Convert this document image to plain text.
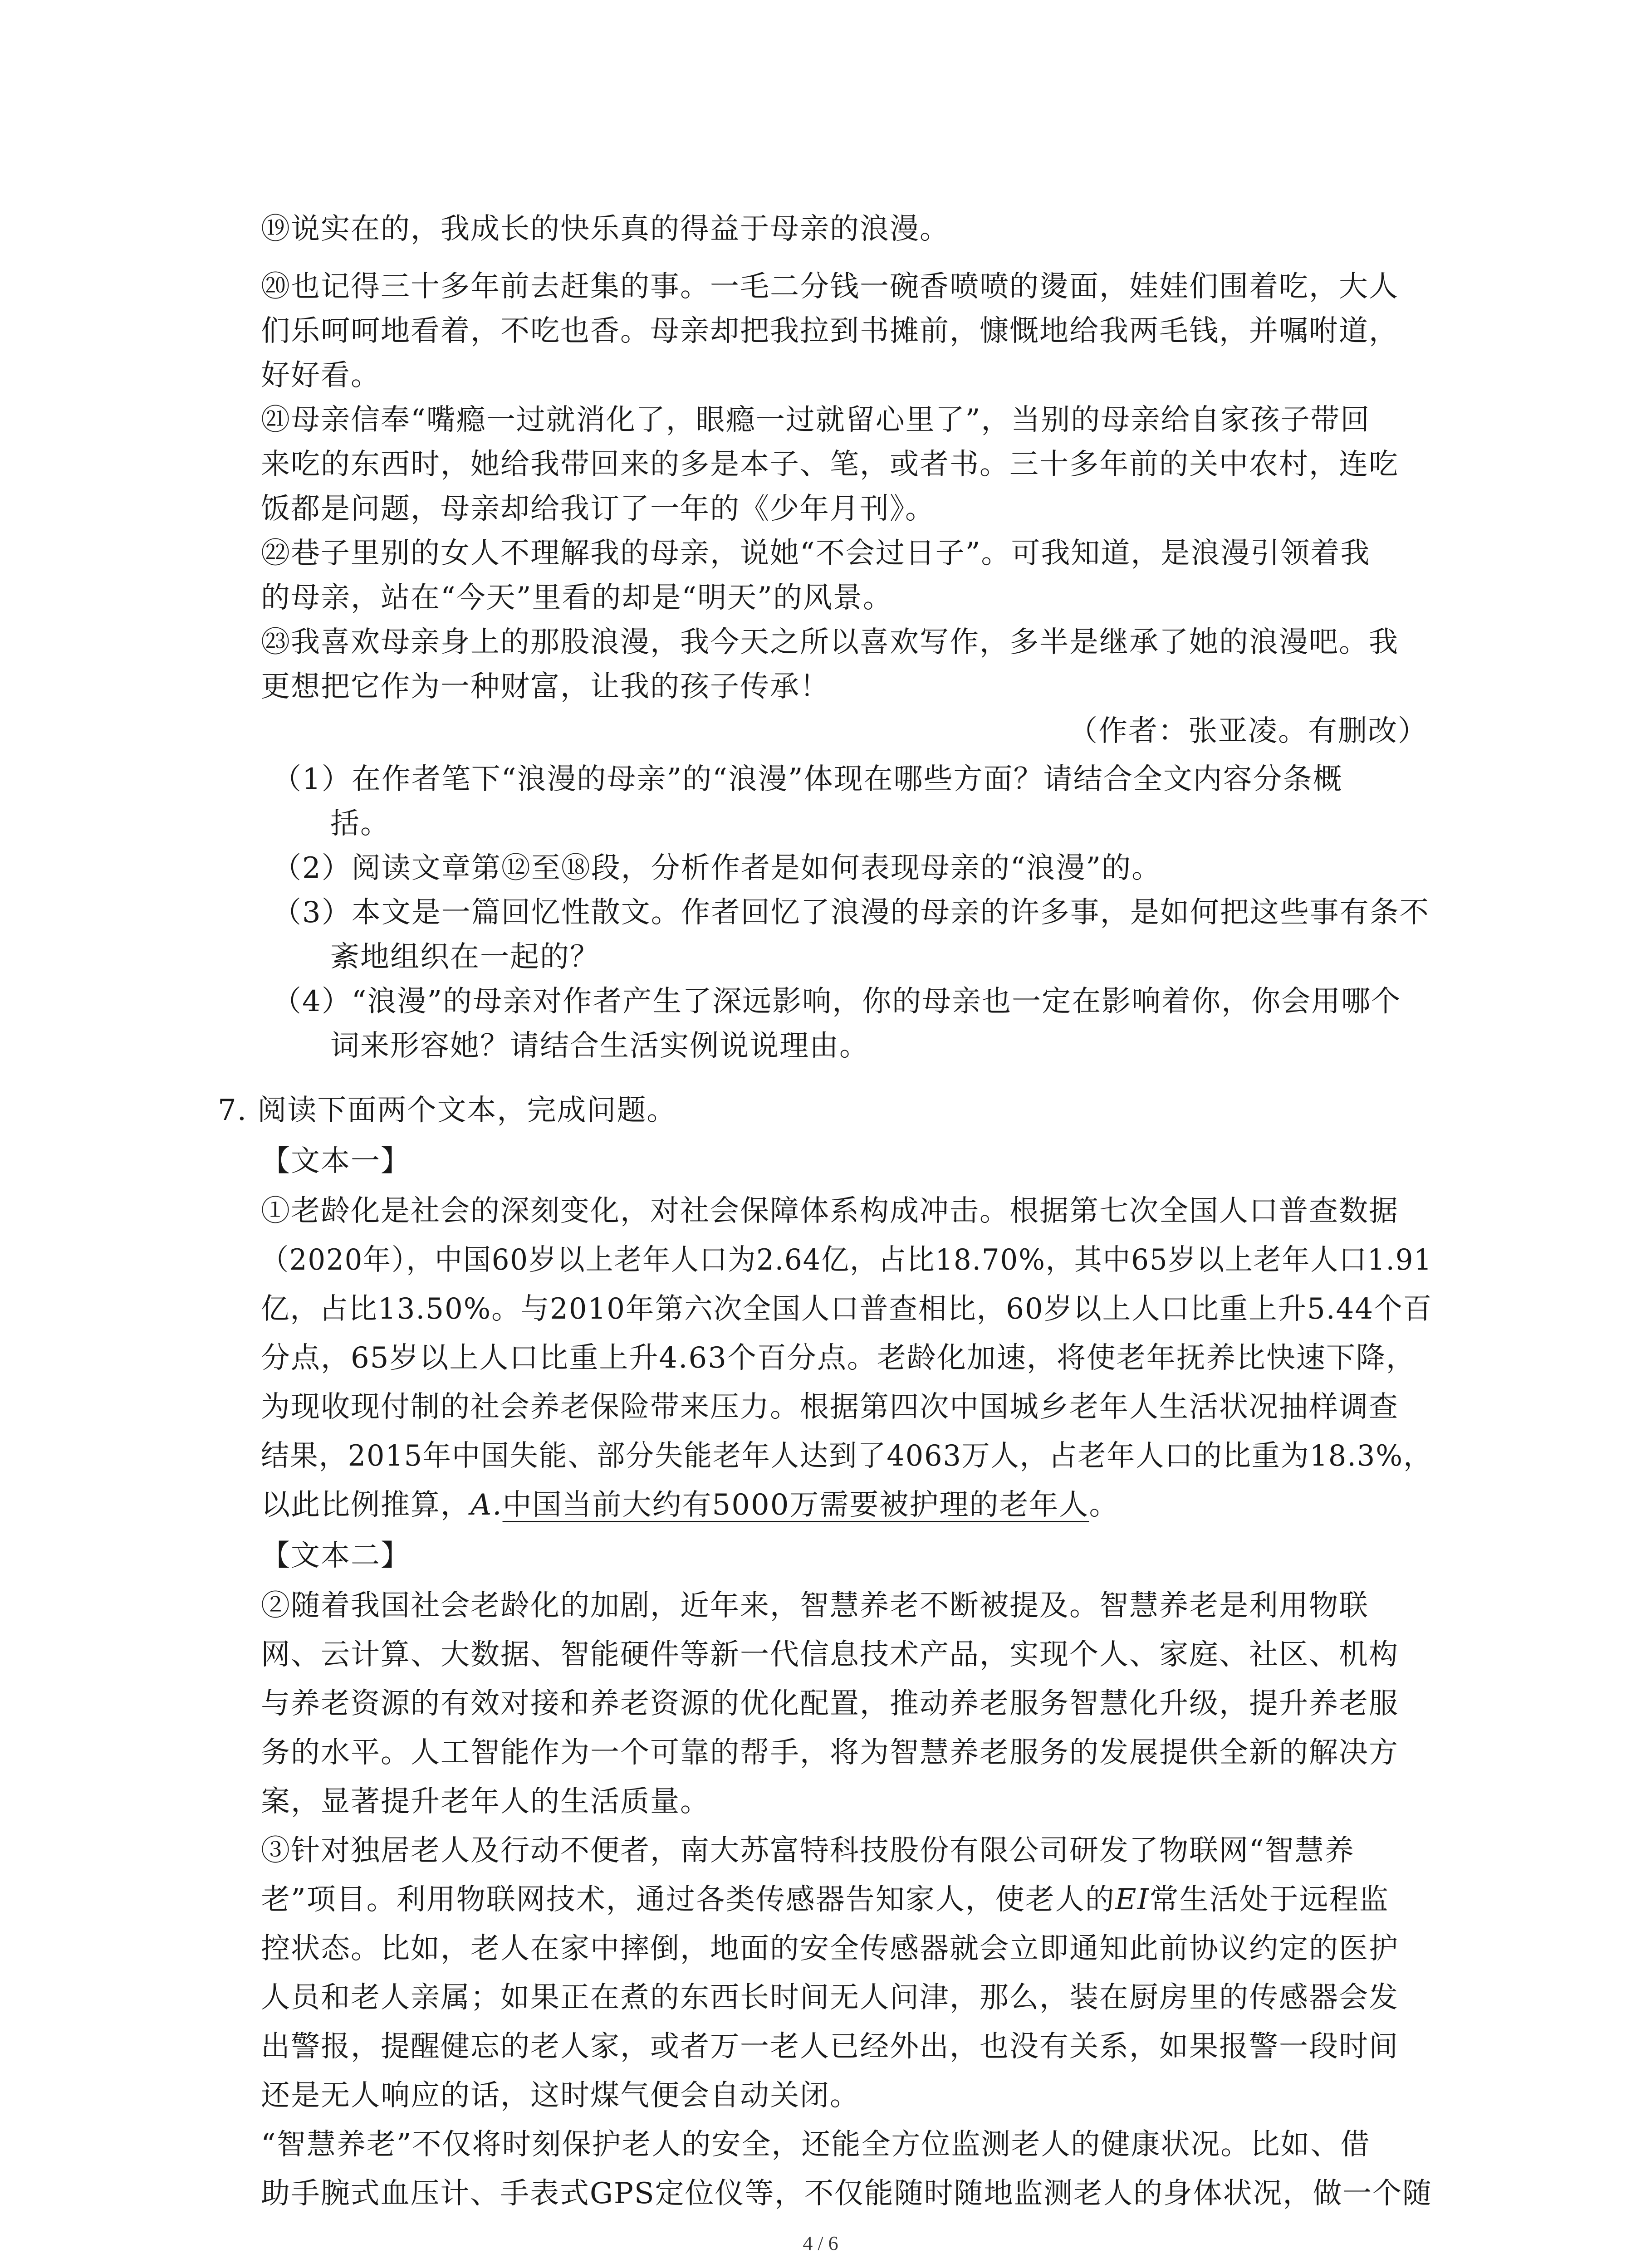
⑲说实在的，我成长的快乐真的得益于母亲的浪漫。
⑳也记得三十多年前去赶集的事。一毛二分钱一碗香喷喷的燙面，娃娃们围着吃，大人
们乐呵呵地看着，不吃也香。母亲却把我拉到书摊前，慷慨地给我两毛钱，并嘱咐道，
好好看。
㉑母亲信奉“嘴瘾一过就消化了，眼瘾一过就留心里了”，当别的母亲给自家孩子带回
来吃的东西时，她给我带回来的多是本子、笔，或者书。三十多年前的关中农村，连吃
饭都是问题，母亲却给我订了一年的《少年月刊》。
㉒巷子里别的女人不理解我的母亲，说她“不会过日子”。可我知道，是浪漫引领着我
的母亲，站在“今天”里看的却是“明天”的风景。
㉓我喜欢母亲身上的那股浪漫，我今天之所以喜欢写作，多半是继承了她的浪漫吧。我
更想把它作为一种财富，让我的孩子传承！
（作者：张亚凌。有删改）
（1）在作者笔下“浪漫的母亲”的“浪漫”体现在哪些方面？请结合全文内容分条概
括。
（2）阅读文章第⑫至⑱段，分析作者是如何表现母亲的“浪漫”的。
（3）本文是一篇回忆性散文。作者回忆了浪漫的母亲的许多事，是如何把这些事有条不
紊地组织在一起的？
（4）“浪漫”的母亲对作者产生了深远影响，你的母亲也一定在影响着你，你会用哪个
词来形容她？请结合生活实例说说理由。
7. 阅读下面两个文本，完成问题。
【文本一】
①老龄化是社会的深刻变化，对社会保障体系构成冲击。根据第七次全国人口普查数据
（2020年），中国60岁以上老年人口为2.64亿，占比18.70%，其中65岁以上老年人口1.91
亿，占比13.50%。与2010年第六次全国人口普查相比，60岁以上人口比重上升5.44个百
分点，65岁以上人口比重上升4.63个百分点。老龄化加速，将使老年抚养比快速下降，
为现收现付制的社会养老保险带来压力。根据第四次中国城乡老年人生活状况抽样调查
结果，2015年中国失能、部分失能老年人达到了4063万人，占老年人口的比重为18.3%，
以此比例推算，A.中国当前大约有5000万需要被护理的老年人。
【文本二】
②随着我国社会老龄化的加剧，近年来，智慧养老不断被提及。智慧养老是利用物联
网、云计算、大数据、智能硬件等新一代信息技术产品，实现个人、家庭、社区、机构
与养老资源的有效对接和养老资源的优化配置，推动养老服务智慧化升级，提升养老服
务的水平。人工智能作为一个可靠的帮手，将为智慧养老服务的发展提供全新的解决方
案，显著提升老年人的生活质量。
③针对独居老人及行动不便者，南大苏富特科技股份有限公司研发了物联网“智慧养
老”项目。利用物联网技术，通过各类传感器告知家人，使老人的EI常生活处于远程监
控状态。比如，老人在家中摔倒，地面的安全传感器就会立即通知此前协议约定的医护
人员和老人亲属；如果正在煮的东西长时间无人问津，那么，装在厨房里的传感器会发
出警报，提醒健忘的老人家，或者万一老人已经外出，也没有关系，如果报警一段时间
还是无人响应的话，这时煤气便会自动关闭。
“智慧养老”不仅将时刻保护老人的安全，还能全方位监测老人的健康状况。比如、借
助手腕式血压计、手表式GPS定位仪等，不仅能随时随地监测老人的身体状况，做一个随
4 / 6
